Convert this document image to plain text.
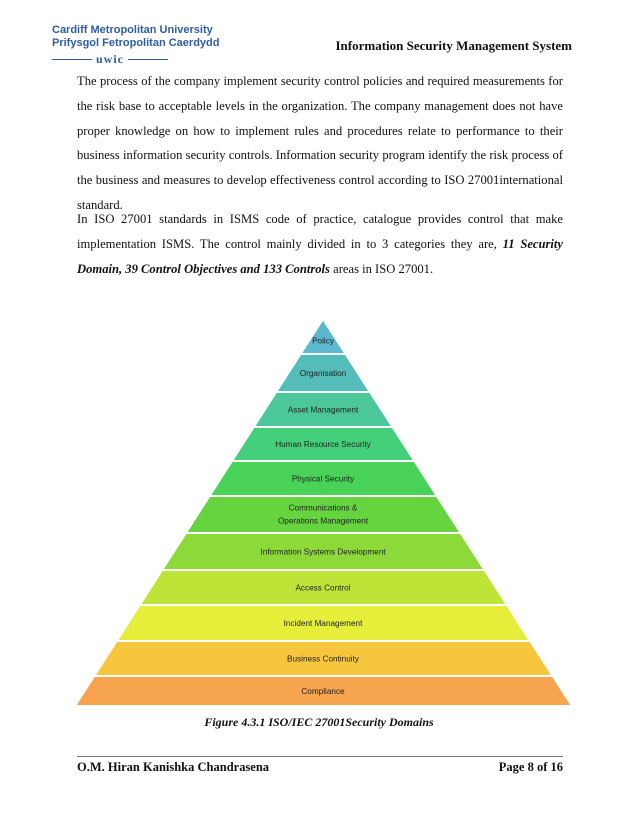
Cardiff Metropolitan University
Prifysgol Fetropolitan Caerdydd
uwic
Information Security Management System
The process of the company implement security control policies and required measurements for the risk base to acceptable levels in the organization. The company management does not have proper knowledge on how to implement rules and procedures relate to performance to their business information security controls. Information security program identify the risk process of the business and measures to develop effectiveness control according to ISO 27001international standard.
In ISO 27001 standards in ISMS code of practice, catalogue provides control that make implementation ISMS. The control mainly divided in to 3 categories they are, 11 Security Domain, 39 Control Objectives and 133 Controls areas in ISO 27001.
Policy
Organisation
Asset Management
Human Resource Security
Physical Security
Communications &
Operations Management
Information Systems Development
Access Control
Incident Management
Business Continuity
Compliance
Figure 4.3.1 ISO/IEC 27001Security Domains
O.M. Hiran Kanishka Chandrasena	Page 8 of 16
